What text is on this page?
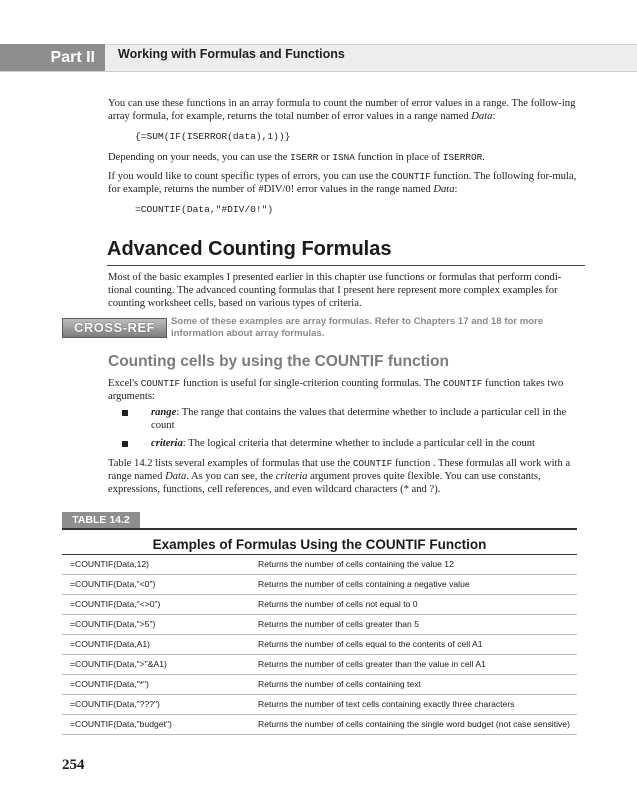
Part II	Working with Formulas and Functions

You can use these functions in an array formula to count the number of error values in a range. The follow-ing array formula, for example, returns the total number of error values in a range named Data:

{=SUM(IF(ISERROR(data),1))}

Depending on your needs, you can use the ISERR or ISNA function in place of ISERROR.

If you would like to count specific types of errors, you can use the COUNTIF function. The following for-mula, for example, returns the number of #DIV/0! error values in the range named Data:

=COUNTIF(Data,"#DIV/0!")
Advanced Counting Formulas

Most of the basic examples I presented earlier in this chapter use functions or formulas that perform condi-tional counting. The advanced counting formulas that I present here represent more complex examples for counting worksheet cells, based on various types of criteria.

CROSS-REF	Some of these examples are array formulas. Refer to Chapters 17 and 18 for more information about array formulas.
Counting cells by using the COUNTIF function

Excel's COUNTIF function is useful for single-criterion counting formulas. The COUNTIF function takes two arguments:

range: The range that contains the values that determine whether to include a particular cell in the count

criteria: The logical criteria that determine whether to include a particular cell in the count

Table 14.2 lists several examples of formulas that use the COUNTIF function . These formulas all work with a range named Data. As you can see, the criteria argument proves quite flexible. You can use constants, expressions, functions, cell references, and even wildcard characters (* and ?).

TABLE 14.2
Examples of Formulas Using the COUNTIF Function
=COUNTIF(Data,12)	Returns the number of cells containing the value 12
=COUNTIF(Data,"<0")	Returns the number of cells containing a negative value
=COUNTIF(Data,"<>0")	Returns the number of cells not equal to 0
=COUNTIF(Data,">5")	Returns the number of cells greater than 5
=COUNTIF(Data,A1)	Returns the number of cells equal to the contents of cell A1
=COUNTIF(Data,">"&A1)	Returns the number of cells greater than the value in cell A1
=COUNTIF(Data,"*")	Returns the number of cells containing text
=COUNTIF(Data,"???")	Returns the number of text cells containing exactly three characters
=COUNTIF(Data,"budget")	Returns the number of cells containing the single word budget (not case sensitive)
254
